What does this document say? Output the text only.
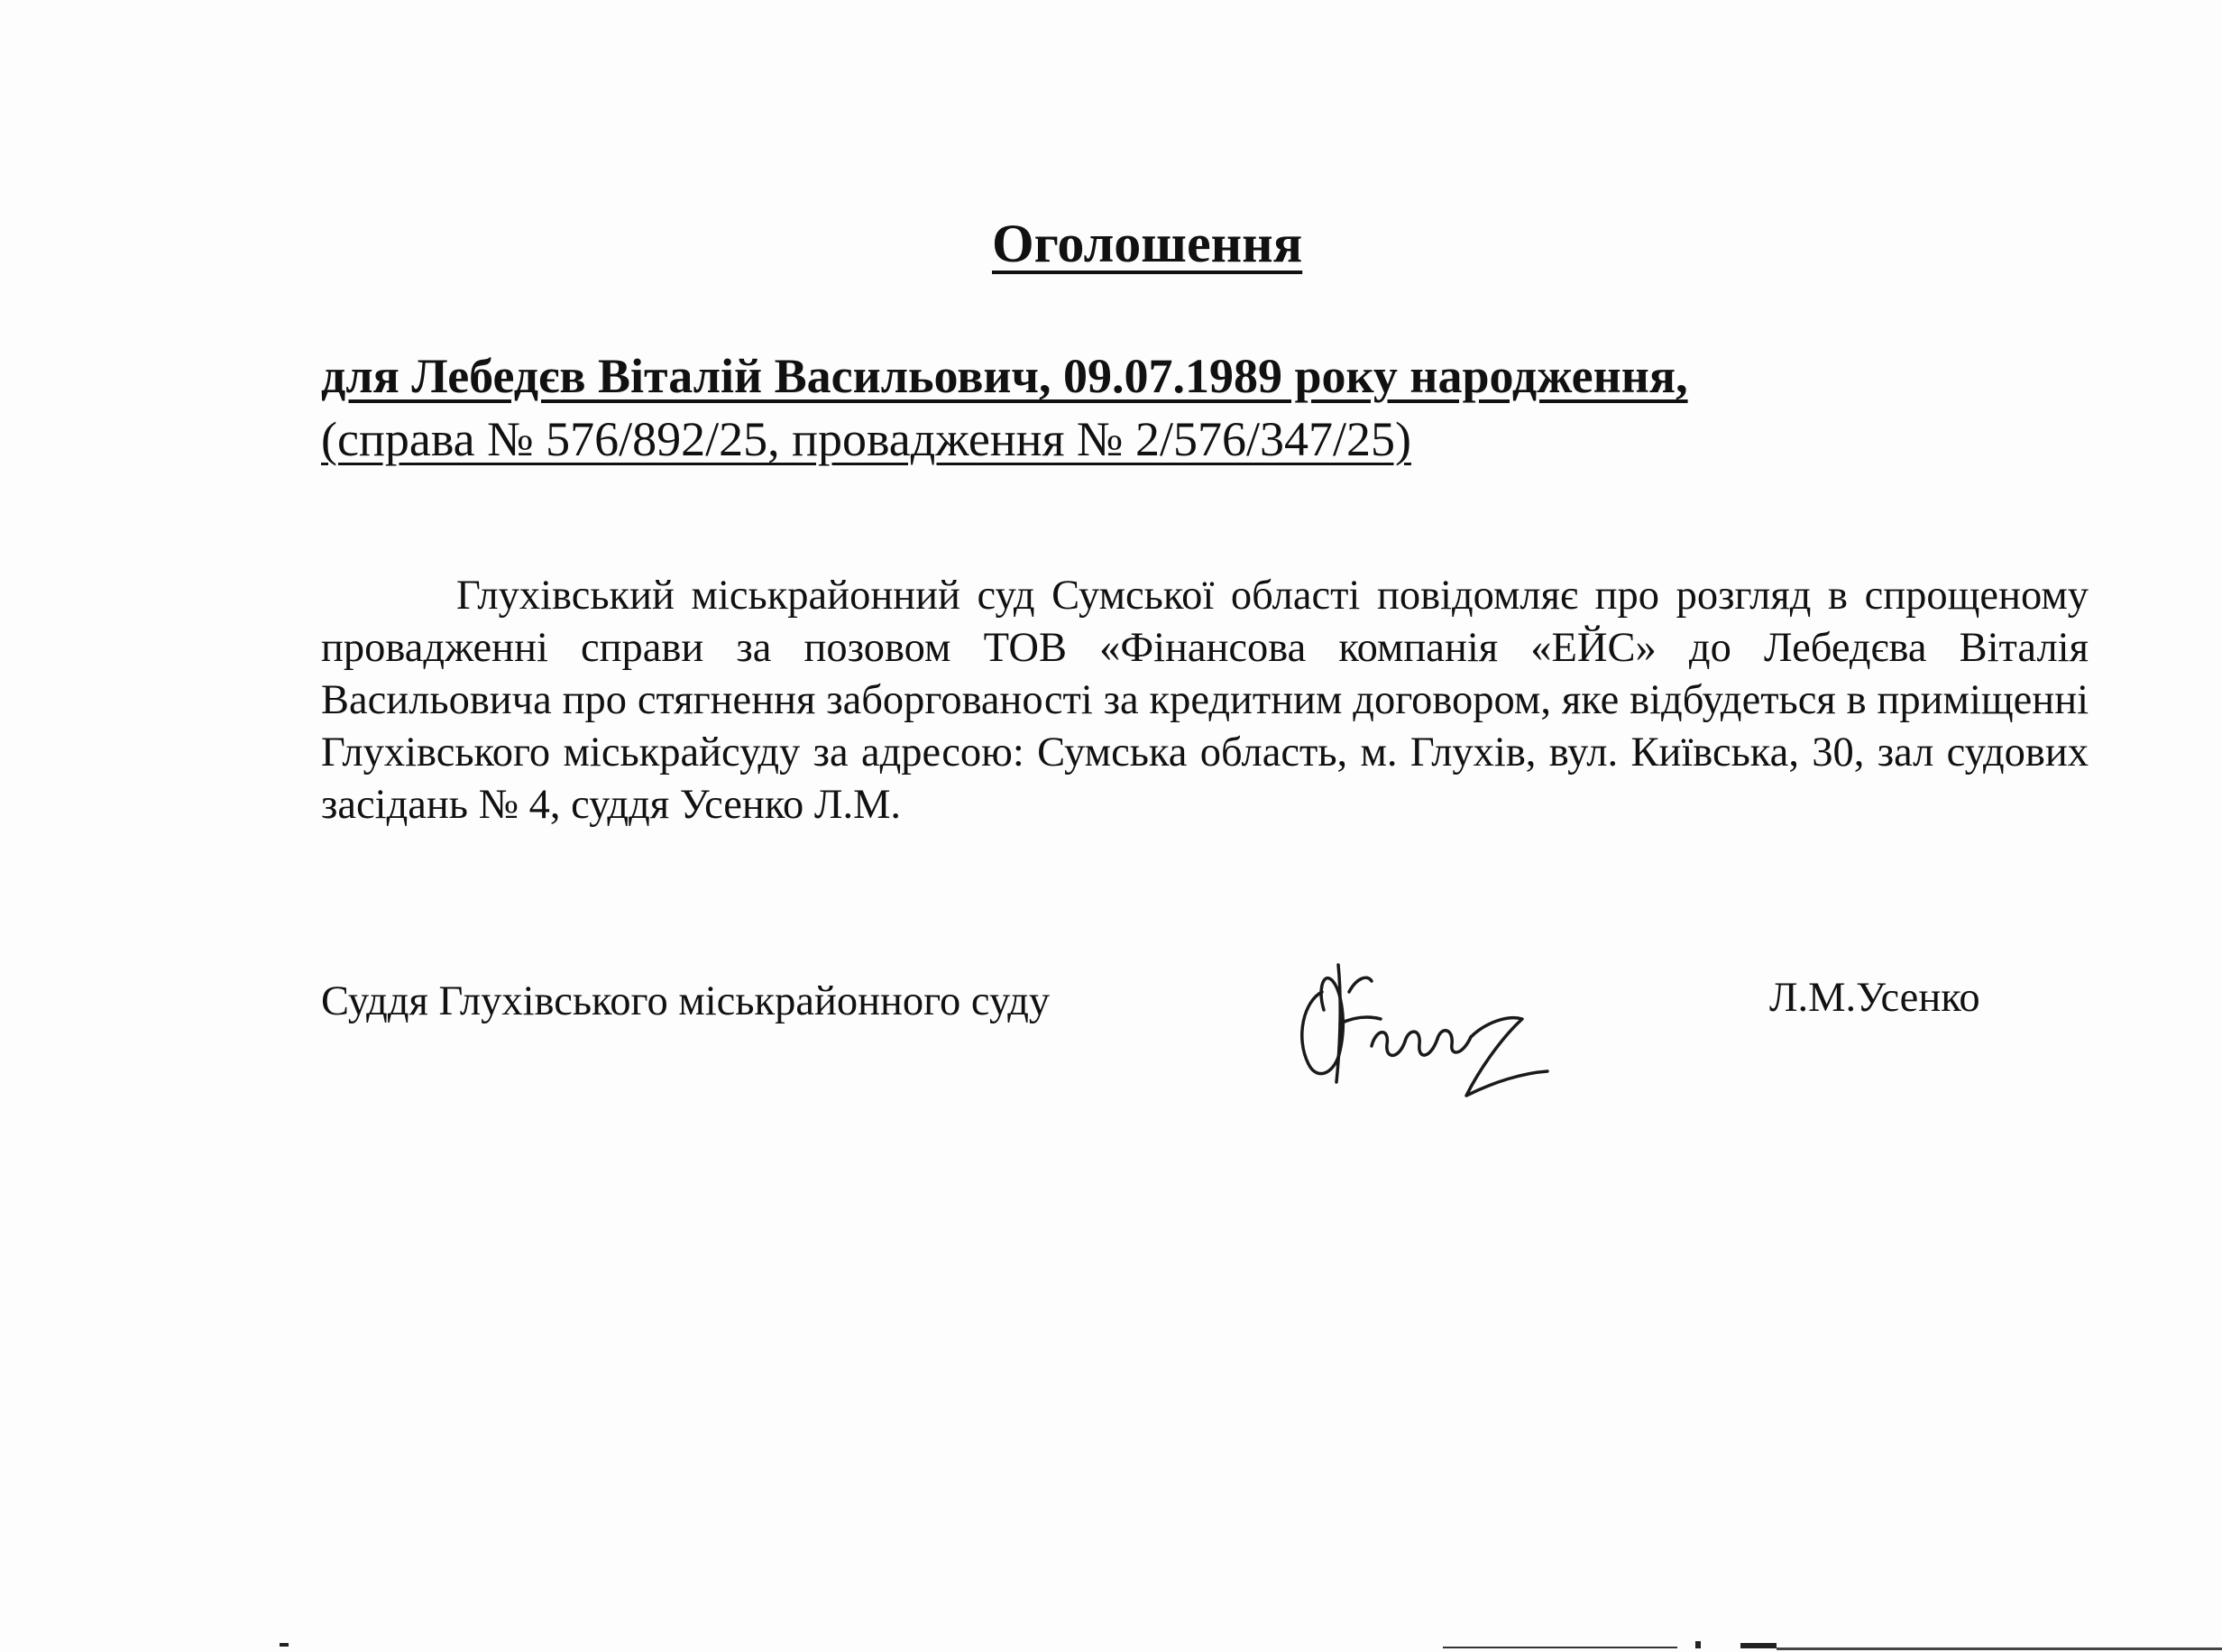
Оголошення
для Лебедєв Віталій Васильович, 09.07.1989 року народження,
(справа № 576/892/25, провадження № 2/576/347/25)

Глухівський міськрайонний суд Сумської області повідомляє про розгляд в спрощеному провадженні справи за позовом ТОВ «Фінансова компанія «ЕЙС» до Лебедєва Віталія Васильовича про стягнення заборгованості за кредитним договором, яке відбудеться в приміщенні Глухівського міськрайсуду за адресою: Сумська область, м. Глухів, вул. Київська, 30, зал судових засідань № 4, суддя Усенко Л.М.

Суддя Глухівського міськрайонного суду	Л.М.Усенко
